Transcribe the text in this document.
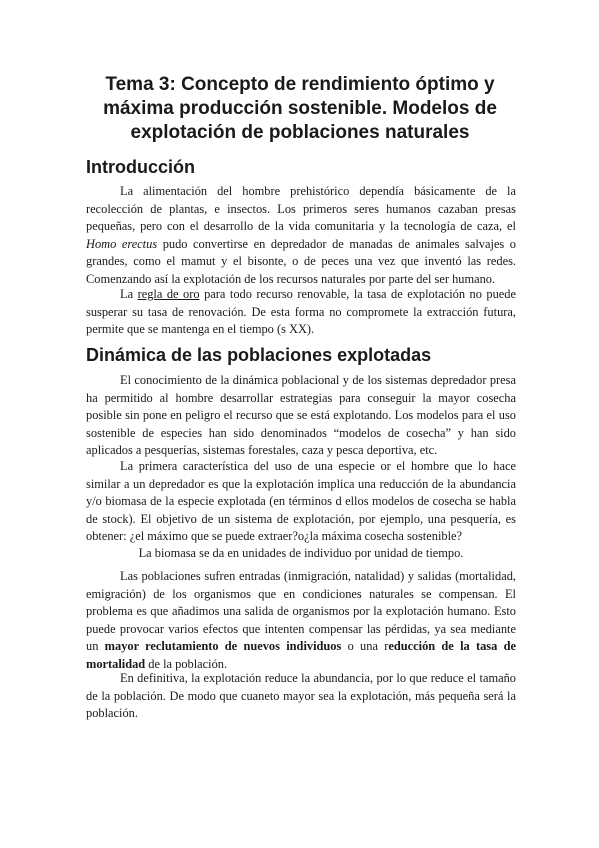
Tema 3: Concepto de rendimiento óptimo y máxima producción sostenible. Modelos de explotación de poblaciones naturales
Introducción

La alimentación del hombre prehistórico dependía básicamente de la recolección de plantas, e insectos. Los primeros seres humanos cazaban presas pequeñas, pero con el desarrollo de la vida comunitaria y la tecnología de caza, el Homo erectus pudo convertirse en depredador de manadas de animales salvajes o grandes, como el mamut y el bisonte, o de peces una vez que inventó las redes. Comenzando así la explotación de los recursos naturales por parte del ser humano.

La regla de oro para todo recurso renovable, la tasa de explotación no puede susperar su tasa de renovación. De esta forma no compromete la extracción futura, permite que se mantenga en el tiempo (s XX).

Dinámica de las poblaciones explotadas

El conocimiento de la dinámica poblacional y de los sistemas depredador presa ha permitido al hombre desarrollar estrategias para conseguir la mayor cosecha posible sin pone en peligro el recurso que se está explotando. Los modelos para el uso sostenible de especies han sido denominados “modelos de cosecha” y han sido aplicados a pesquerías, sistemas forestales, caza y pesca deportiva, etc.

La primera característica del uso de una especie or el hombre que lo hace similar a un depredador es que la explotación implica una reducción de la abundancia y/o biomasa de la especie explotada (en términos d ellos modelos de cosecha se habla de stock). El objetivo de un sistema de explotación, por ejemplo, una pesquería, es obtener: ¿el máximo que se puede extraer?o¿la máxima cosecha sostenible?

La biomasa se da en unidades de individuo por unidad de tiempo.

Las poblaciones sufren entradas (inmigración, natalidad) y salidas (mortalidad, emigración) de los organismos que en condiciones naturales se compensan. El problema es que añadimos una salida de organismos por la explotación humano. Esto puede provocar varios efectos que intenten compensar las pérdidas, ya sea mediante un mayor reclutamiento de nuevos individuos o una reducción de la tasa de mortalidad de la población.

En definitiva, la explotación reduce la abundancia, por lo que reduce el tamaño de la población. De modo que cuaneto mayor sea la explotación, más pequeña será la población.
